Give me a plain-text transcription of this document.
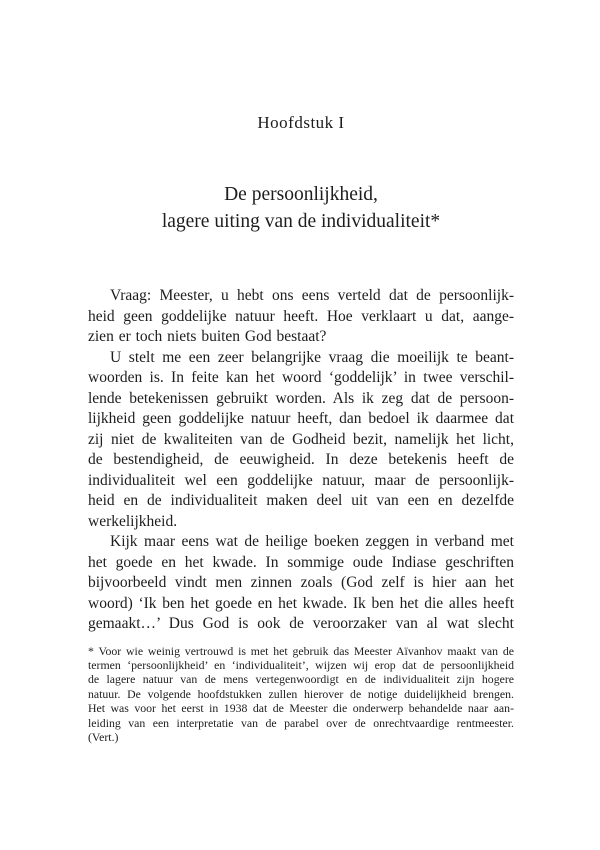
Hoofdstuk I
De persoonlijkheid,
lagere uiting van de individualiteit*
Vraag: Meester, u hebt ons eens verteld dat de persoonlijk-
heid geen goddelijke natuur heeft. Hoe verklaart u dat, aange-
zien er toch niets buiten God bestaat?
U stelt me een zeer belangrijke vraag die moeilijk te beant-
woorden is. In feite kan het woord ‘goddelijk’ in twee verschil-
lende betekenissen gebruikt worden. Als ik zeg dat de persoon-
lijkheid geen goddelijke natuur heeft, dan bedoel ik daarmee dat
zij niet de kwaliteiten van de Godheid bezit, namelijk het licht,
de bestendigheid, de eeuwigheid. In deze betekenis heeft de
individualiteit wel een goddelijke natuur, maar de persoonlijk-
heid en de individualiteit maken deel uit van een en dezelfde
werkelijkheid.
Kijk maar eens wat de heilige boeken zeggen in verband met
het goede en het kwade. In sommige oude Indiase geschriften
bijvoorbeeld vindt men zinnen zoals (God zelf is hier aan het
woord) ‘Ik ben het goede en het kwade. Ik ben het die alles heeft
gemaakt…’ Dus God is ook de veroorzaker van al wat slecht
* Voor wie weinig vertrouwd is met het gebruik das Meester Aïvanhov maakt van de
termen ‘persoonlijkheid’ en ‘individualiteit’, wijzen wij erop dat de persoonlijkheid
de lagere natuur van de mens vertegenwoordigt en de individualiteit zijn hogere
natuur. De volgende hoofdstukken zullen hierover de notige duidelijkheid brengen.
Het was voor het eerst in 1938 dat de Meester die onderwerp behandelde naar aan-
leiding van een interpretatie van de parabel over de onrechtvaardige rentmeester.
(Vert.)
